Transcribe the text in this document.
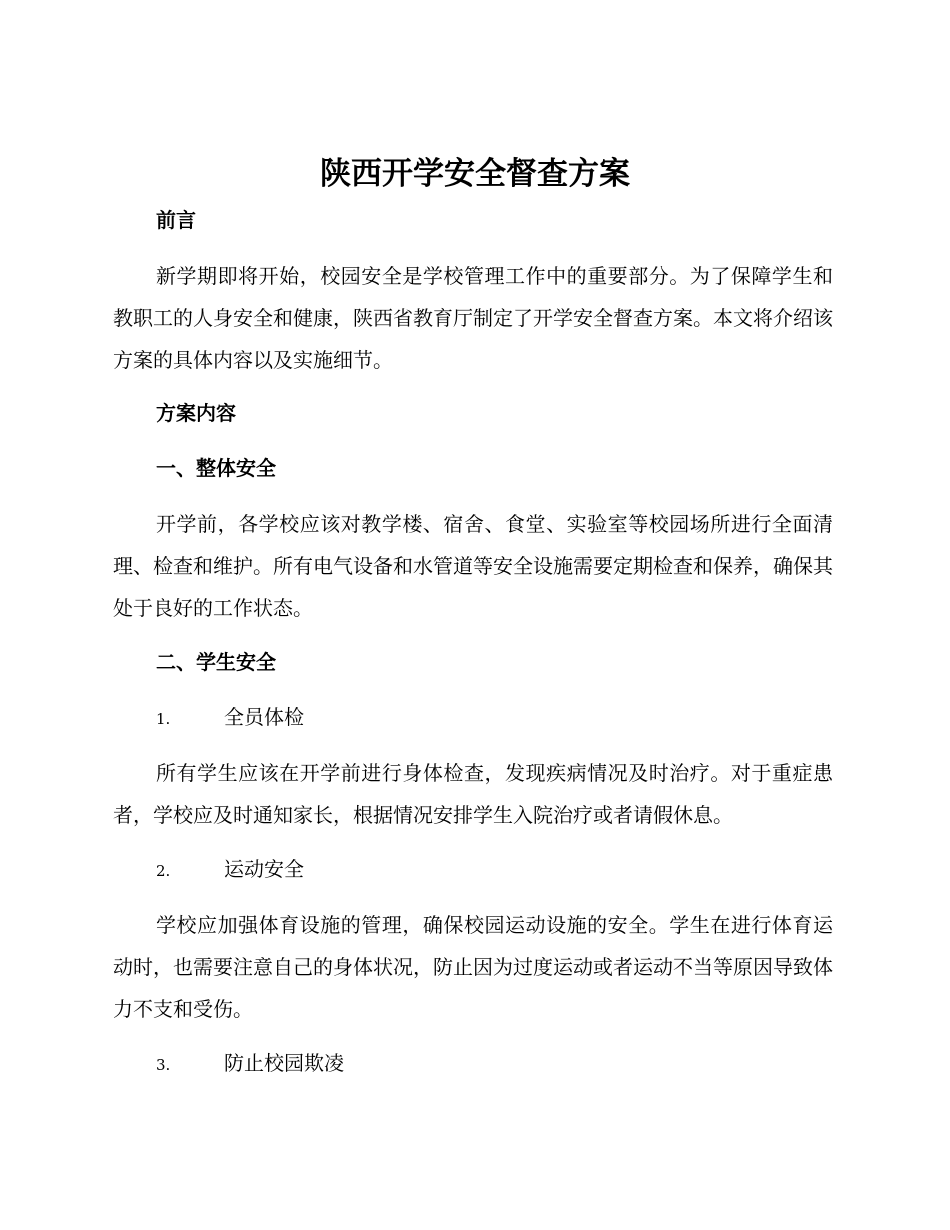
陕西开学安全督查方案
前言

新学期即将开始，校园安全是学校管理工作中的重要部分。为了保障学生和教职工的人身安全和健康，陕西省教育厅制定了开学安全督查方案。本文将介绍该方案的具体内容以及实施细节。

方案内容
一、整体安全

开学前，各学校应该对教学楼、宿舍、食堂、实验室等校园场所进行全面清理、检查和维护。所有电气设备和水管道等安全设施需要定期检查和保养，确保其处于良好的工作状态。

二、学生安全
1.	全员体检

所有学生应该在开学前进行身体检查，发现疾病情况及时治疗。对于重症患者，学校应及时通知家长，根据情况安排学生入院治疗或者请假休息。

2.	运动安全

学校应加强体育设施的管理，确保校园运动设施的安全。学生在进行体育运动时，也需要注意自己的身体状况，防止因为过度运动或者运动不当等原因导致体力不支和受伤。

3.	防止校园欺凌
